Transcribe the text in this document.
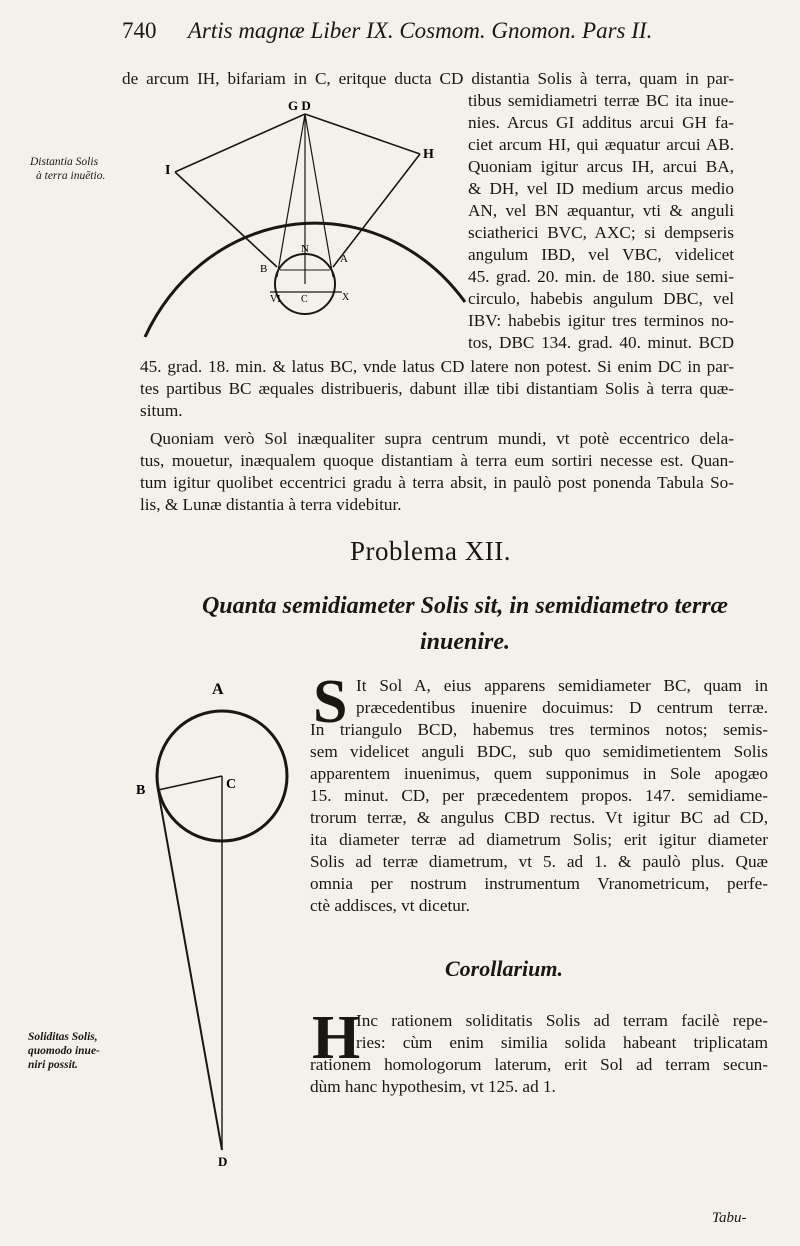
740 Artis magnæ Liber IX. Cosmom. Gnomon. Pars II.
G D
H
I
N
B
A
VI C	X
Distantia Solis
à terra inuētio.

de arcum IH, bifariam in C, eritque ducta CD distantia Solis à terra, quam in par-

tibus semidiametri terræ BC ita inue-

nies. Arcus GI additus arcui GH fa-

ciet arcum HI, qui æquatur arcui AB.

Quoniam igitur arcus IH, arcui BA,

& DH, vel ID medium arcus medio

AN, vel BN æquantur, vti & anguli

sciatherici BVC, AXC; si dempseris

angulum IBD, vel VBC, videlicet

45. grad. 20. min. de 180. siue semi-

circulo, habebis angulum DBC, vel

IBV: habebis igitur tres terminos no-

tos, DBC 134. grad. 40. minut. BCD

45. grad. 18. min. & latus BC, vnde latus CD latere non potest. Si enim DC in par-

tes partibus BC æquales distribueris, dabunt illæ tibi distantiam Solis à terra quæ-

situm.

Quoniam verò Sol inæqualiter supra centrum mundi, vt potè eccentrico dela-

tus, mouetur, inæqualem quoque distantiam à terra eum sortiri necesse est. Quan-

tum igitur quolibet eccentrici gradu à terra absit, in paulò post ponenda Tabula So-

lis, & Lunæ distantia à terra videbitur.

Problema XII.
Quanta semidiameter Solis sit, in semidiametro terræ
inuenire.
A
B	C
D
S It Sol A, eius apparens semidiameter BC, quam in

præcedentibus inuenire docuimus: D centrum terræ.

In triangulo BCD, habemus tres terminos notos; semis-

sem videlicet anguli BDC, sub quo semidimetientem Solis

apparentem inuenimus, quem supponimus in Sole apogæo

15. minut. CD, per præcedentem propos. 147. semidiame-

trorum terræ, & angulus CBD rectus. Vt igitur BC ad CD,

ita diameter terræ ad diametrum Solis; erit igitur diameter

Solis ad terræ diametrum, vt 5. ad 1. & paulò plus. Quæ

omnia per nostrum instrumentum Vranometricum, perfe-

ctè addisces, vt dicetur.

Corollarium.
H

Inc rationem soliditatis Solis ad terram facilè repe-

ries: cùm enim similia solida habeant triplicatam

rationem homologorum laterum, erit Sol ad terram secun-

dùm hanc hypothesim, vt 125. ad 1.

Soliditas Solis,
quomodo inue-
niri possit.
Tabu-
